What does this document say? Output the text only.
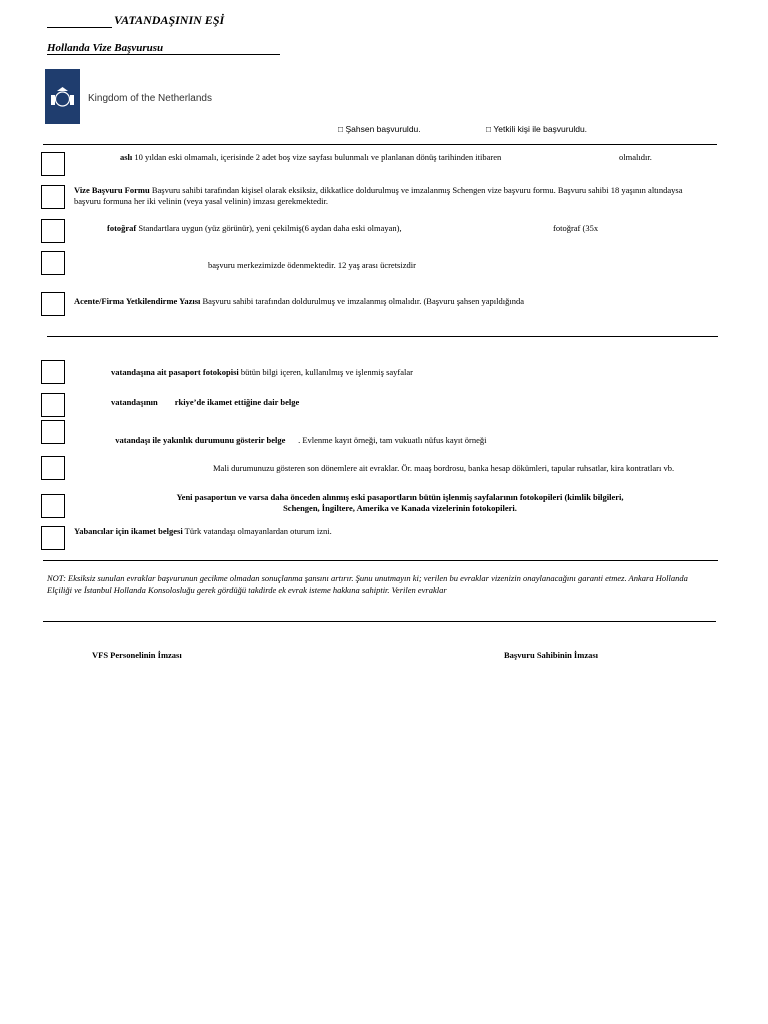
VATANDAŞININ EŞİ
Hollanda Vize Başvurusu
Kingdom of the Netherlands
□ Şahsen başvuruldu.	□ Yetkili kişi ile başvuruldu.
aslı 10 yıldan eski olmamalı, içerisinde 2 adet boş vize sayfası bulunmalı ve planlanan dönüş tarihinden itibaren	olmalıdır.
Vize Başvuru Formu Başvuru sahibi tarafından kişisel olarak eksiksiz, dikkatlice doldurulmuş ve imzalanmış Schengen vize başvuru formu. Başvuru sahibi 18 yaşının altındaysa başvuru formuna her iki velinin (veya yasal velinin) imzası gerekmektedir.
fotoğraf Standartlara uygun (yüz görünür), yeni çekilmiş(6 aydan daha eski olmayan),	fotoğraf (35x
başvuru merkezimizde ödenmektedir. 12 yaş arası ücretsizdir
Acente/Firma Yetkilendirme Yazısı Başvuru sahibi tarafından doldurulmuş ve imzalanmış olmalıdır. (Başvuru şahsen yapıldığında
vatandaşına ait pasaport fotokopisi bütün bilgi içeren, kullanılmış ve işlenmiş sayfalar
vatandaşının        rkiye’de ikamet ettiğine dair belge

vatandaşı ile yakınlık durumunu gösterir belge      . Evlenme kayıt örneği, tam vukuatlı nüfus kayıt örneği

Mali durumunuzu gösteren son dönemlere ait evraklar. Ör. maaş bordrosu, banka hesap dökümleri, tapular ruhsatlar, kira kontratları vb.
Yeni pasaportun ve varsa daha önceden alınmış eski pasaportların bütün işlenmiş sayfalarının fotokopileri (kimlik bilgileri,
Schengen, İngiltere, Amerika ve Kanada vizelerinin fotokopileri.
Yabancılar için ikamet belgesi Türk vatandaşı olmayanlardan oturum izni.
NOT: Eksiksiz sunulan evraklar başvurunun gecikme olmadan sonuçlanma şansını artırır. Şunu unutmayın ki; verilen bu evraklar vizenizin onaylanacağını garanti etmez. Ankara Hollanda Elçiliği ve İstanbul Hollanda Konsolosluğu gerek gördüğü takdirde ek evrak isteme hakkına sahiptir. Verilen evraklar
VFS Personelinin İmzası	Başvuru Sahibinin İmzası
